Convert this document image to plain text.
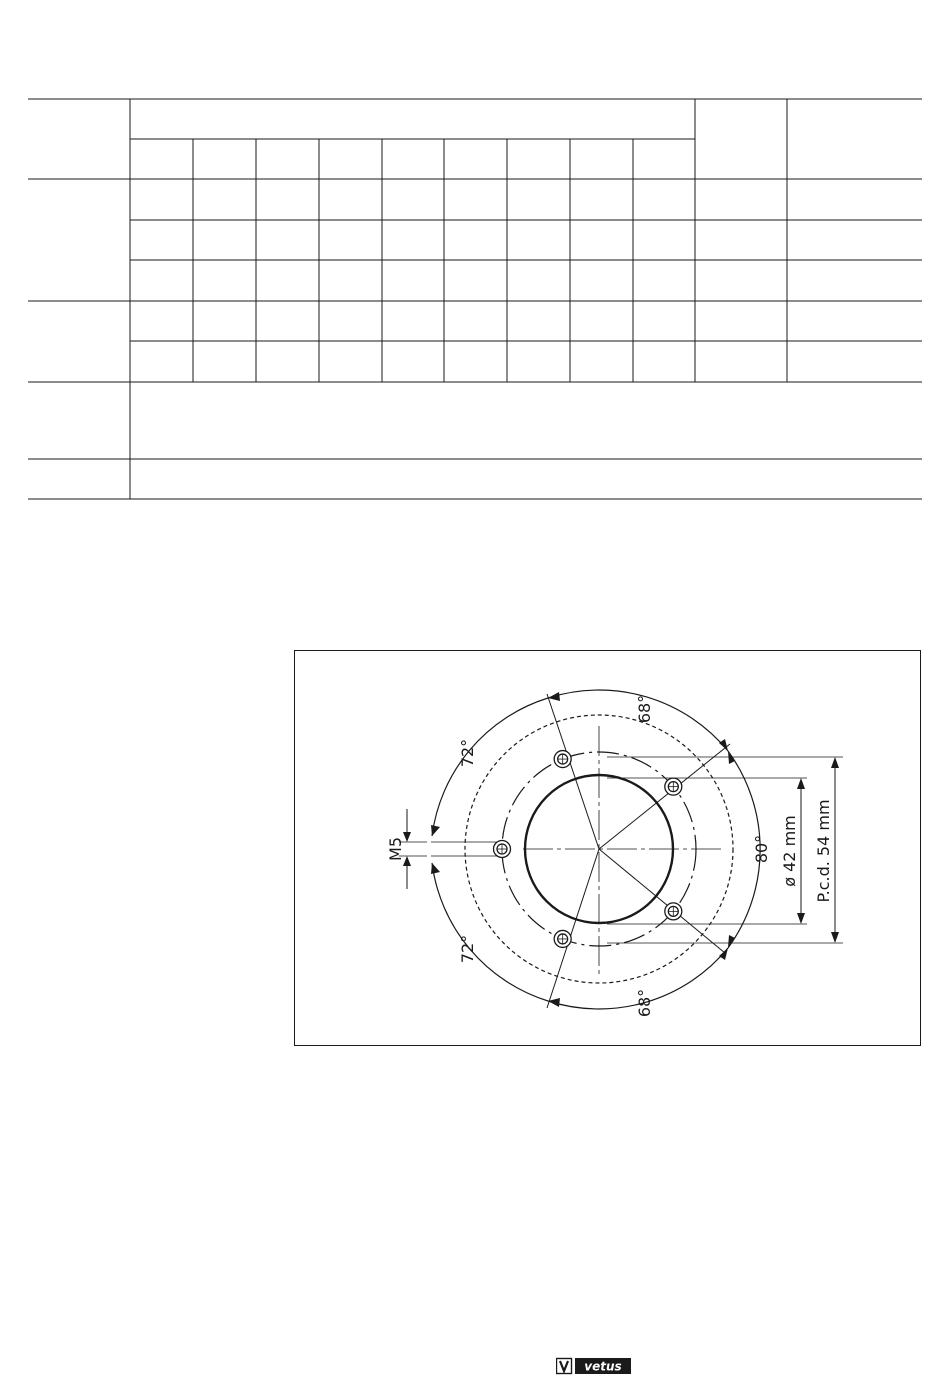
68°
72°
80°
72°
68°
ø 42 mm P.c.d. 54 mm
M5
vetus
